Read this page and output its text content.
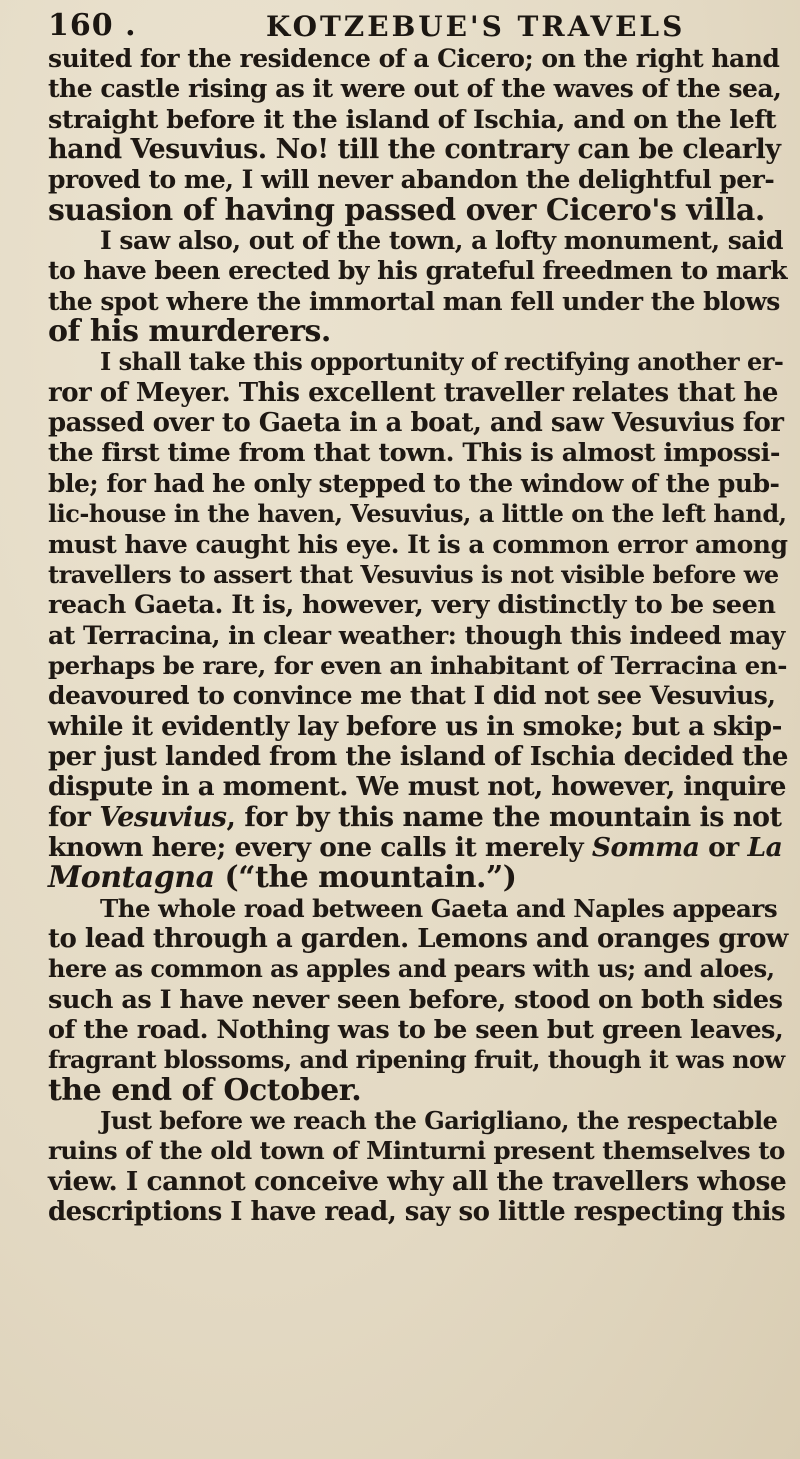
160 .	KOTZEBUE'S TRAVELS
suited for the residence of a Cicero; on the right hand
the castle rising as it were out of the waves of the sea,
straight before it the island of Ischia, and on the left
hand Vesuvius. No! till the contrary can be clearly
proved to me, I will never abandon the delightful per-
suasion of having passed over Cicero's villa.
I saw also, out of the town, a lofty monument, said
to have been erected by his grateful freedmen to mark
the spot where the immortal man fell under the blows
of his murderers.
I shall take this opportunity of rectifying another er-
ror of Meyer. This excellent traveller relates that he
passed over to Gaeta in a boat, and saw Vesuvius for
the first time from that town. This is almost impossi-
ble; for had he only stepped to the window of the pub-
lic-house in the haven, Vesuvius, a little on the left hand,
must have caught his eye. It is a common error among
travellers to assert that Vesuvius is not visible before we
reach Gaeta. It is, however, very distinctly to be seen
at Terracina, in clear weather: though this indeed may
perhaps be rare, for even an inhabitant of Terracina en-
deavoured to convince me that I did not see Vesuvius,
while it evidently lay before us in smoke; but a skip-
per just landed from the island of Ischia decided the
dispute in a moment. We must not, however, inquire
for Vesuvius, for by this name the mountain is not
known here; every one calls it merely Somma or La
Montagna (“the mountain.”)
The whole road between Gaeta and Naples appears
to lead through a garden. Lemons and oranges grow
here as common as apples and pears with us; and aloes,
such as I have never seen before, stood on both sides
of the road. Nothing was to be seen but green leaves,
fragrant blossoms, and ripening fruit, though it was now
the end of October.
Just before we reach the Garigliano, the respectable
ruins of the old town of Minturni present themselves to
view. I cannot conceive why all the travellers whose
descriptions I have read, say so little respecting this
